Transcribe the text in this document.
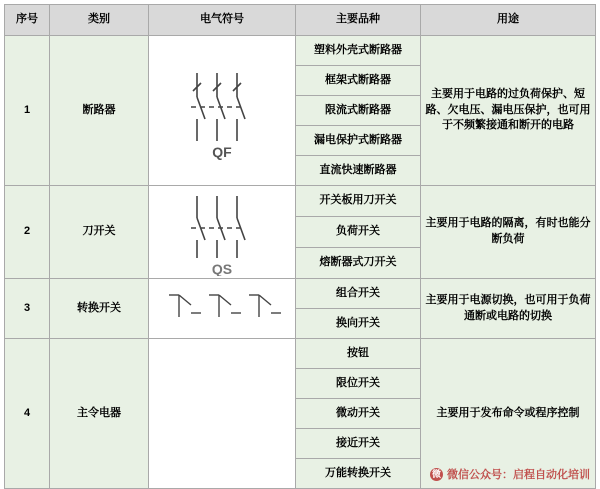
序号	类别	电气符号	主要品种	用途
1	断路器	QF	塑料外壳式断路器	主要用于电路的过负荷保护、短路、欠电压、漏电压保护，也可用于不频繁接通和断开的电路
			框架式断路器	
			限流式断路器	
			漏电保护式断路器	
			直流快速断路器	
2	刀开关	QS	开关板用刀开关	主要用于电路的隔离，有时也能分断负荷
			负荷开关	
			熔断器式刀开关	
3	转换开关		组合开关	主要用于电源切换，也可用于负荷通断或电路的切换
			换向开关	
4	主令电器		按钮	主要用于发布命令或程序控制
			限位开关	
			微动开关	
			接近开关	
			万能转换开关		微 微信公众号：启程自动化培训
